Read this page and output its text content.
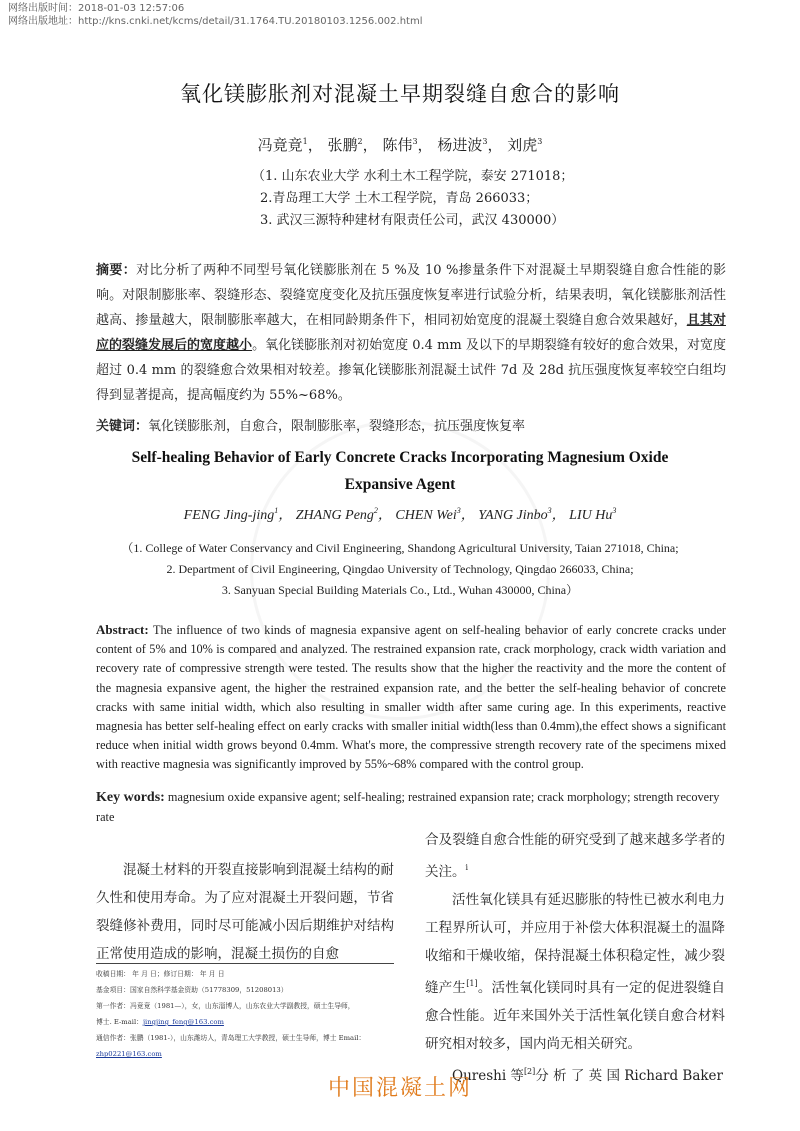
网络出版时间：2018-01-03 12:57:06
网络出版地址：http://kns.cnki.net/kcms/detail/31.1764.TU.20180103.1256.002.html
氧化镁膨胀剂对混凝土早期裂缝自愈合的影响
冯竟竟$^1$， 张鹏$^2$， 陈伟$^3$， 杨进波$^3$， 刘虎$^3$
（1. 山东农业大学 水利土木工程学院，泰安 271018；
2.青岛理工大学 土木工程学院，青岛 266033；
3. 武汉三源特种建材有限责任公司，武汉 430000）
摘要：对比分析了两种不同型号氧化镁膨胀剂在 5 %及 10 %掺量条件下对混凝土早期裂缝自愈合性能的影响。对限制膨胀率、裂缝形态、裂缝宽度变化及抗压强度恢复率进行试验分析，结果表明，氧化镁膨胀剂活性越高、掺量越大，限制膨胀率越大，在相同龄期条件下，相同初始宽度的混凝土裂缝自愈合效果越好，且其对应的裂缝发展后的宽度越小。氧化镁膨胀剂对初始宽度 0.4 mm 及以下的早期裂缝有较好的愈合效果，对宽度超过 0.4 mm 的裂缝愈合效果相对较差。掺氧化镁膨胀剂混凝土试件 7d 及 28d 抗压强度恢复率较空白组均得到显著提高，提高幅度约为 55%~68%。
关键词：氧化镁膨胀剂，自愈合，限制膨胀率，裂缝形态，抗压强度恢复率
Self-healing Behavior of Early Concrete Cracks Incorporating Magnesium Oxide
Expansive Agent
FENG Jing-jing$^1$， ZHANG Peng$^2$， CHEN Wei$^3$， YANG Jinbo$^3$， LIU Hu$^3$
（1. College of Water Conservancy and Civil Engineering, Shandong Agricultural University, Taian 271018, China;
2. Department of Civil Engineering, Qingdao University of Technology, Qingdao 266033, China;
3. Sanyuan Special Building Materials Co., Ltd., Wuhan 430000, China）
Abstract: The influence of two kinds of magnesia expansive agent on self-healing behavior of early concrete cracks under content of 5% and 10% is compared and analyzed. The restrained expansion rate, crack morphology, crack width variation and recovery rate of compressive strength were tested. The results show that the higher the reactivity and the more the content of the magnesia expansive agent, the higher the restrained expansion rate, and the better the self-healing behavior of concrete cracks with same initial width, which also resulting in smaller width after same curing age. In this experiments, reactive magnesia has better self-healing effect on early cracks with smaller initial width(less than 0.4mm),the effect shows a significant reduce when initial width grows beyond 0.4mm. What's more, the compressive strength recovery rate of the specimens mixed with reactive magnesia was significantly improved by 55%~68% compared with the control group.
Key words: magnesium oxide expansive agent; self-healing; restrained expansion rate; crack morphology; strength recovery rate
混凝土材料的开裂直接影响到混凝土结构的耐久性和使用寿命。为了应对混凝土开裂问题，节省裂缝修补费用，同时尽可能减小因后期维护对结构正常使用造成的影响，混凝土损伤的自愈
收稿日期： 年 月 日；修订日期： 年 月 日
基金项目：国家自然科学基金资助（51778309，51208013）
第一作者：冯竟竟（1981—），女，山东淄博人，山东农业大学副教授，硕士生导师，
博士. E-mail：jingjing_feng@163.com
通信作者：张鹏（1981-），山东潍坊人，青岛理工大学教授，硕士生导师，博士 Email：
zhp0221@163.com

合及裂缝自愈合性能的研究受到了越来越多学者的关注。$^i$

活性氧化镁具有延迟膨胀的特性已被水利电力工程界所认可，并应用于补偿大体积混凝土的温降收缩和干燥收缩，保持混凝土体积稳定性，减少裂缝产生[1]。活性氧化镁同时具有一定的促进裂缝自愈合性能。近年来国外关于活性氧化镁自愈合材料研究相对较多，国内尚无相关研究。

Qureshi 等[2]分 析 了 英 国 Richard Baker

中国混凝土网
